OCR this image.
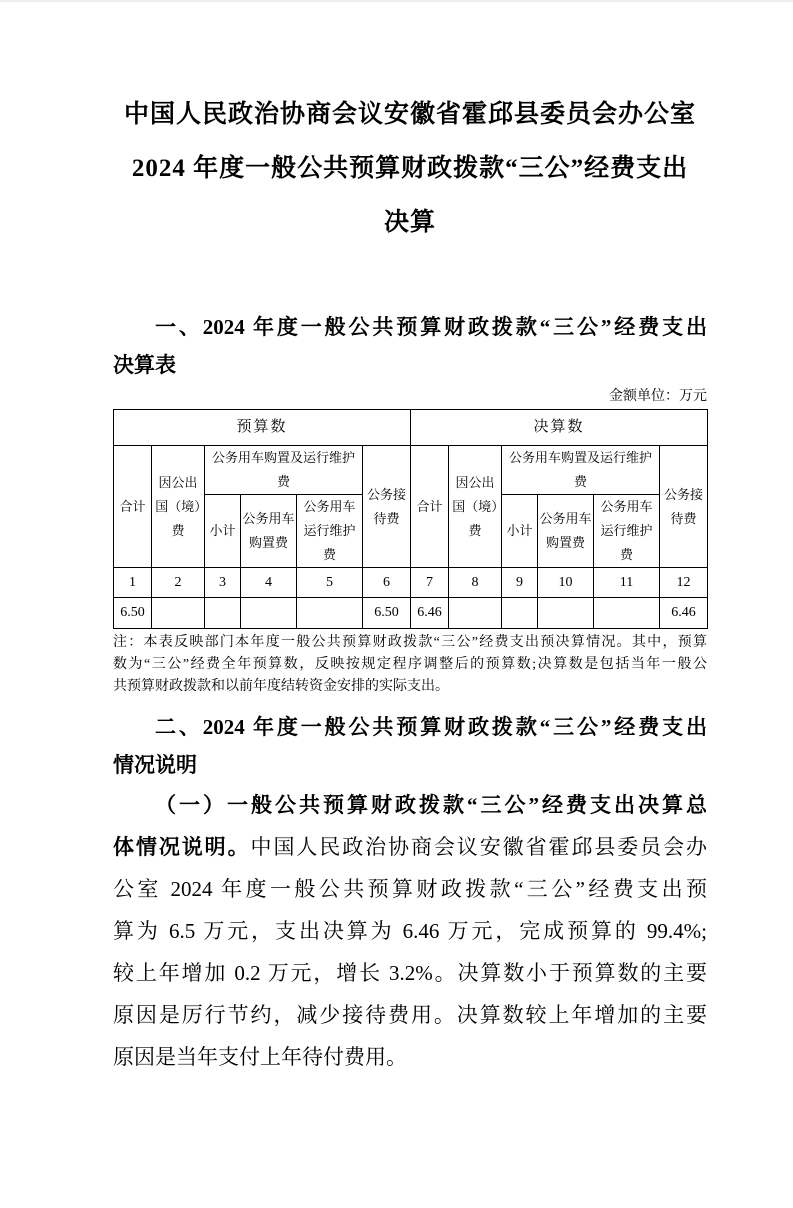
中国人民政治协商会议安徽省霍邱县委员会办公室
2024 年度一般公共预算财政拨款“三公”经费支出
决算
一、2024 年度一般公共预算财政拨款“三公”经费支出
决算表
金额单位：万元
预算数						决算数					
合计	因公出国（境）费	公务用车购置及运行维护费			公务接待费	合计	因公出国（境）费	公务用车购置及运行维护费			公务接待费
		小计	公务用车购置费	公务用车运行维护费				小计	公务用车购置费	公务用车运行维护费	
1	2	3	4	5	6	7	8	9	10	11	12
6.50					6.50	6.46					6.46

注：本表反映部门本年度一般公共预算财政拨款“三公”经费支出预决算情况。其中，预算
数为“三公”经费全年预算数，反映按规定程序调整后的预算数;决算数是包括当年一般公
共预算财政拨款和以前年度结转资金安排的实际支出。

二、2024 年度一般公共预算财政拨款“三公”经费支出
情况说明
（一）一般公共预算财政拨款“三公”经费支出决算总
体情况说明。中国人民政治协商会议安徽省霍邱县委员会办
公室 2024 年度一般公共预算财政拨款“三公”经费支出预
算为 6.5 万元，支出决算为 6.46 万元，完成预算的 99.4%;
较上年增加 0.2 万元，增长 3.2%。决算数小于预算数的主要
原因是厉行节约，减少接待费用。决算数较上年增加的主要
原因是当年支付上年待付费用。
